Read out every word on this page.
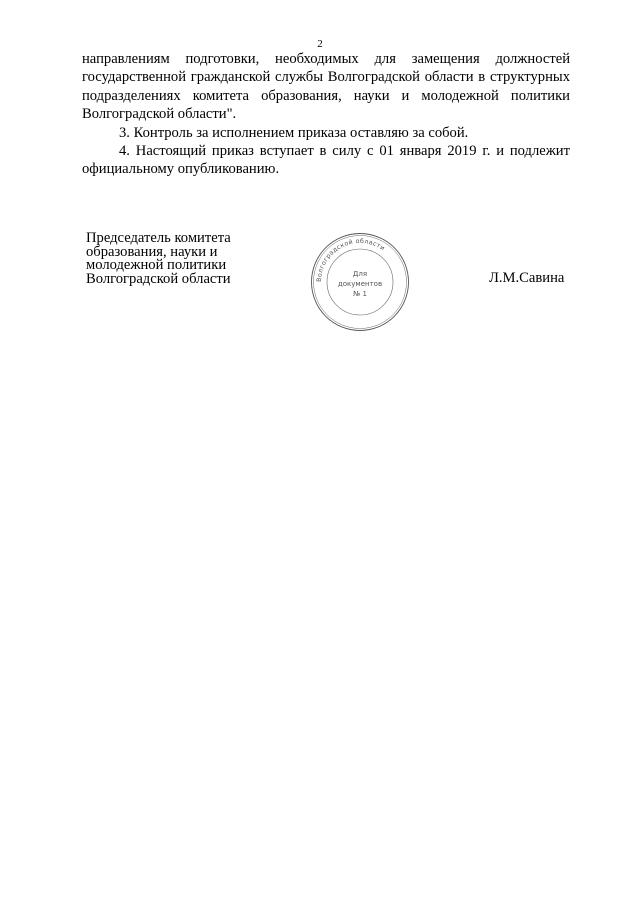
2

направлениям подготовки, необходимых для замещения должностей государственной гражданской службы Волгоградской области в структурных подразделениях комитета образования, науки и молодежной политики Волгоградской области".

3. Контроль за исполнением приказа оставляю за собой.

4. Настоящий приказ вступает в силу с 01 января 2019 г. и подлежит официальному опубликованию.

Председатель комитета
образования, науки и
молодежной политики
Волгоградской области	Волгоградской области
Для
документов
№ 1
Л.М.Савина
